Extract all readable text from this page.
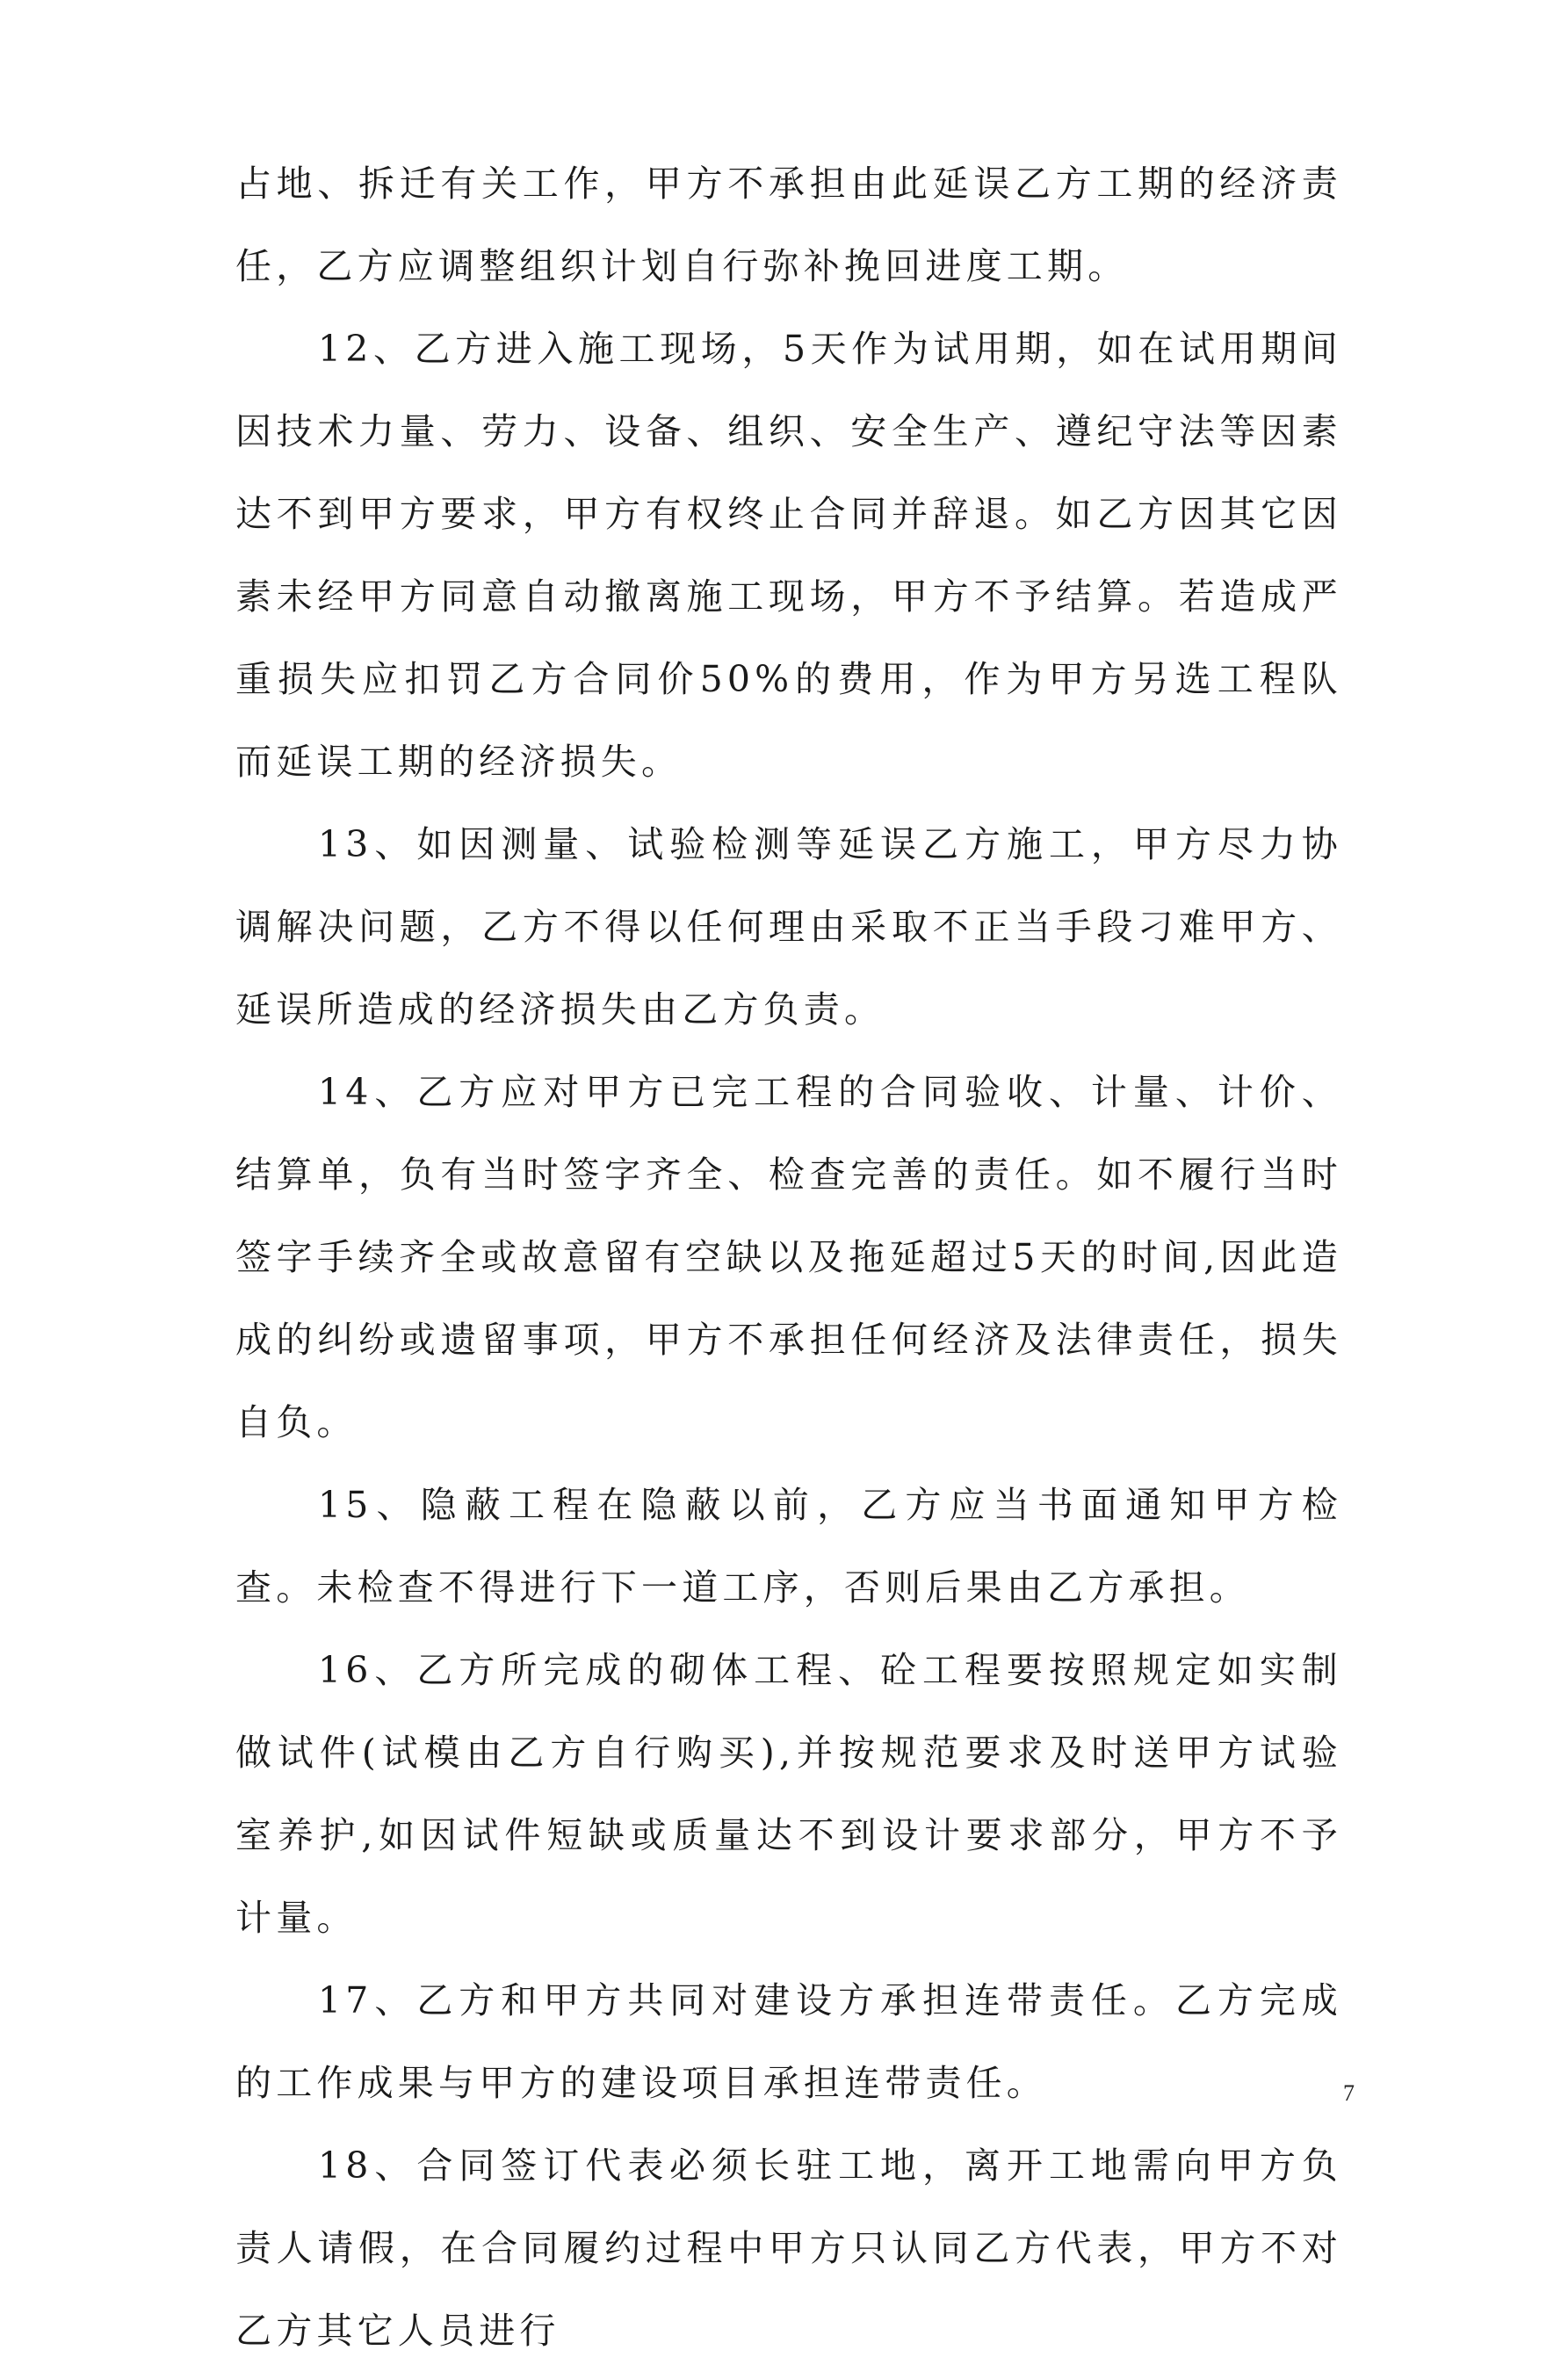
占地、拆迁有关工作，甲方不承担由此延误乙方工期的经济责任，乙方应调整组织计划自行弥补挽回进度工期。

12、乙方进入施工现场，5天作为试用期，如在试用期间因技术力量、劳力、设备、组织、安全生产、遵纪守法等因素达不到甲方要求，甲方有权终止合同并辞退。如乙方因其它因素未经甲方同意自动撤离施工现场，甲方不予结算。若造成严重损失应扣罚乙方合同价50%的费用，作为甲方另选工程队而延误工期的经济损失。

13、如因测量、试验检测等延误乙方施工，甲方尽力协调解决问题，乙方不得以任何理由采取不正当手段刁难甲方、延误所造成的经济损失由乙方负责。

14、乙方应对甲方已完工程的合同验收、计量、计价、结算单，负有当时签字齐全、检查完善的责任。如不履行当时签字手续齐全或故意留有空缺以及拖延超过5天的时间,因此造成的纠纷或遗留事项，甲方不承担任何经济及法律责任，损失自负。

15、隐蔽工程在隐蔽以前，乙方应当书面通知甲方检查。未检查不得进行下一道工序，否则后果由乙方承担。

16、乙方所完成的砌体工程、砼工程要按照规定如实制做试件(试模由乙方自行购买),并按规范要求及时送甲方试验室养护,如因试件短缺或质量达不到设计要求部分，甲方不予计量。

17、乙方和甲方共同对建设方承担连带责任。乙方完成的工作成果与甲方的建设项目承担连带责任。

18、合同签订代表必须长驻工地，离开工地需向甲方负责人请假，在合同履约过程中甲方只认同乙方代表，甲方不对乙方其它人员进行

7
